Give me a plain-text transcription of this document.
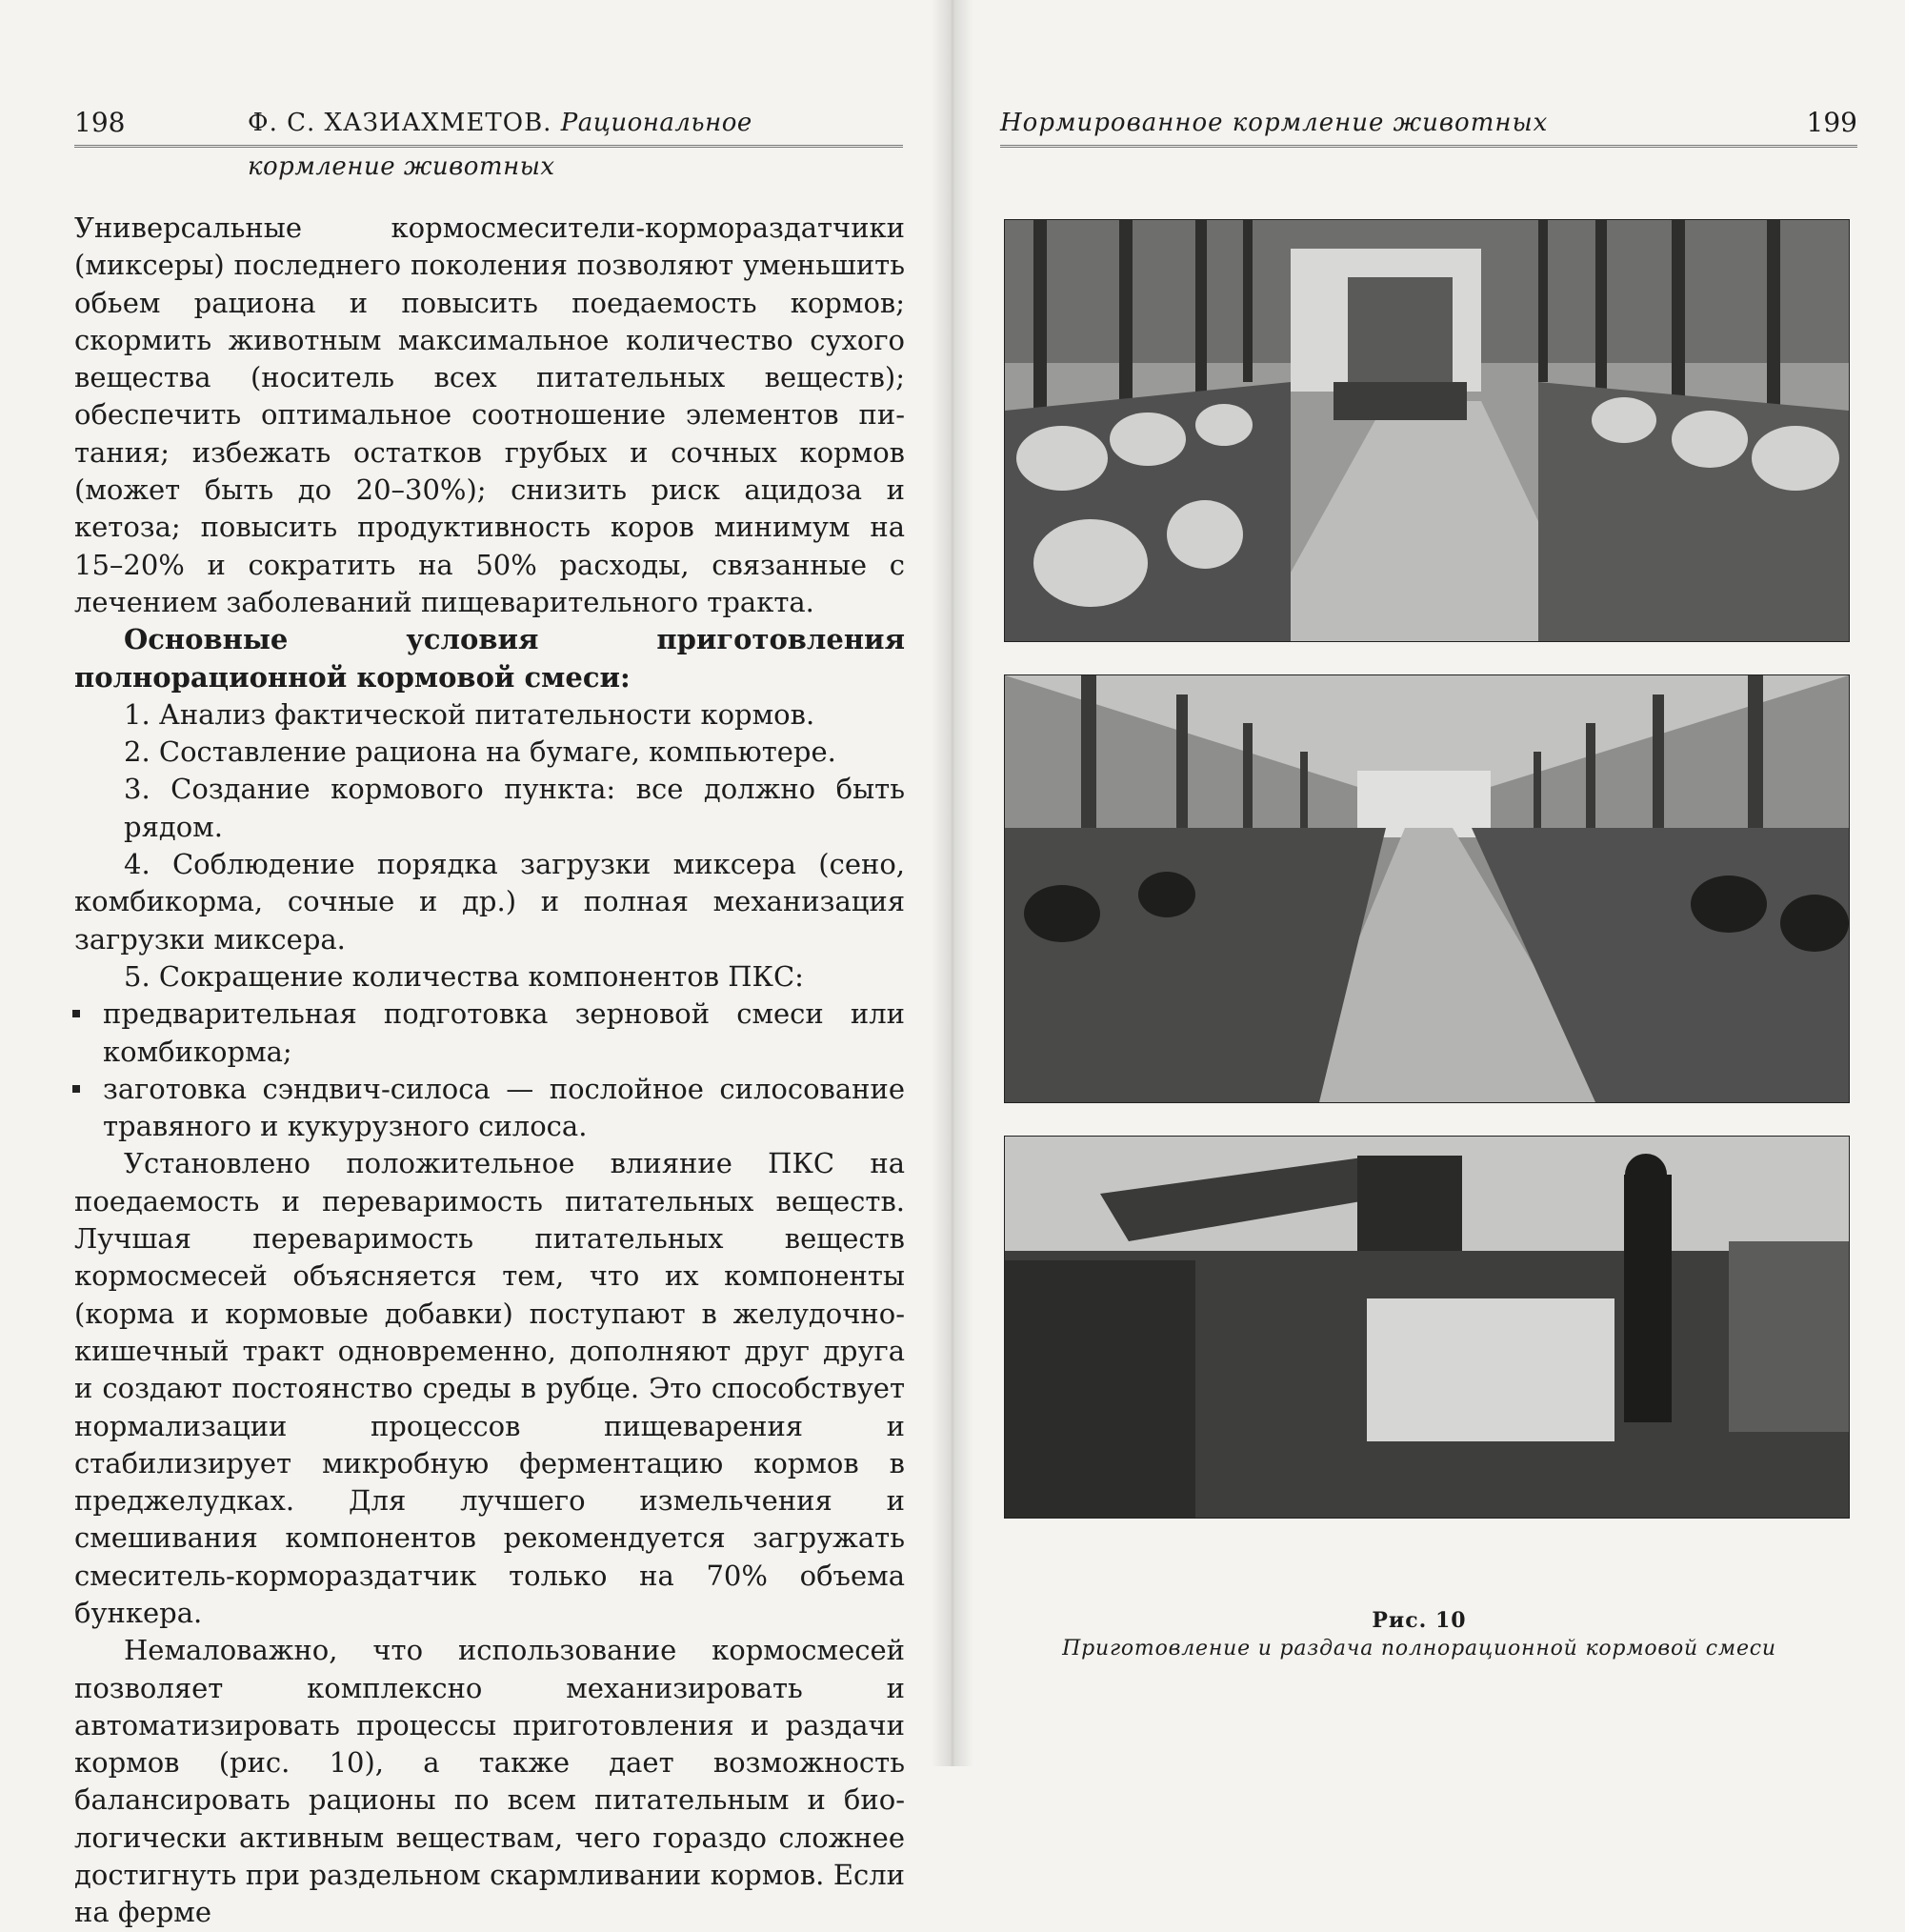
198	Ф. С. ХАЗИАХМЕТОВ. Рациональное кормление животных

Универсальные кормосмесители-кормораздатчики (миксеры) последнего поколения позволяют уменьшить обьем рациона и повысить поедаемость кормов; скормить животным максимальное количество сухого вещества (носитель всех питательных веществ); обеспечить оптимальное соотношение элементов питания; избежать остатков грубых и сочных кормов (может быть до 20–30%); снизить риск ацидоза и кетоза; повысить продуктивность коров минимум на 15–20% и сократить на 50% расходы, связанные с лечением заболеваний пищеварительного тракта.

Основные условия приготовления полнорационной кормовой смеси:

1. Анализ фактической питательности кормов.

2. Составление рациона на бумаге, компьютере.

3. Создание кормового пункта: все должно быть рядом.

4. Соблюдение порядка загрузки миксера (сено, комбикорма, сочные и др.) и полная механизация загрузки миксера.

5. Сокращение количества компонентов ПКС:

предварительная подготовка зерновой смеси или комбикорма;
заготовка сэндвич-силоса — послойное силосование травяного и кукурузного силоса.

Установлено положительное влияние ПКС на поедаемость и переваримость питательных веществ. Лучшая переваримость питательных веществ кормосмесей объясняется тем, что их компоненты (корма и кормовые добавки) поступают в желудочно-кишечный тракт одновременно, дополняют друг друга и создают постоянство среды в рубце. Это способствует нормализации процессов пищеварения и стабилизирует микробную ферментацию кормов в преджелудках. Для лучшего измельчения и смешивания компонентов рекомендуется загружать смеситель-кормораздатчик только на 70% объема бункера.

Немаловажно, что использование кормосмесей позволяет комплексно механизировать и автоматизировать процессы приготовления и раздачи кормов (рис. 10), а также дает возможность балансировать рационы по всем питательным и биологически активным веществам, чего гораздо сложнее достигнуть при раздельном скармливании кормов. Если на ферме

Нормированное кормление животных	199
Рис. 10
Приготовление и раздача полнорационной кормовой смеси
